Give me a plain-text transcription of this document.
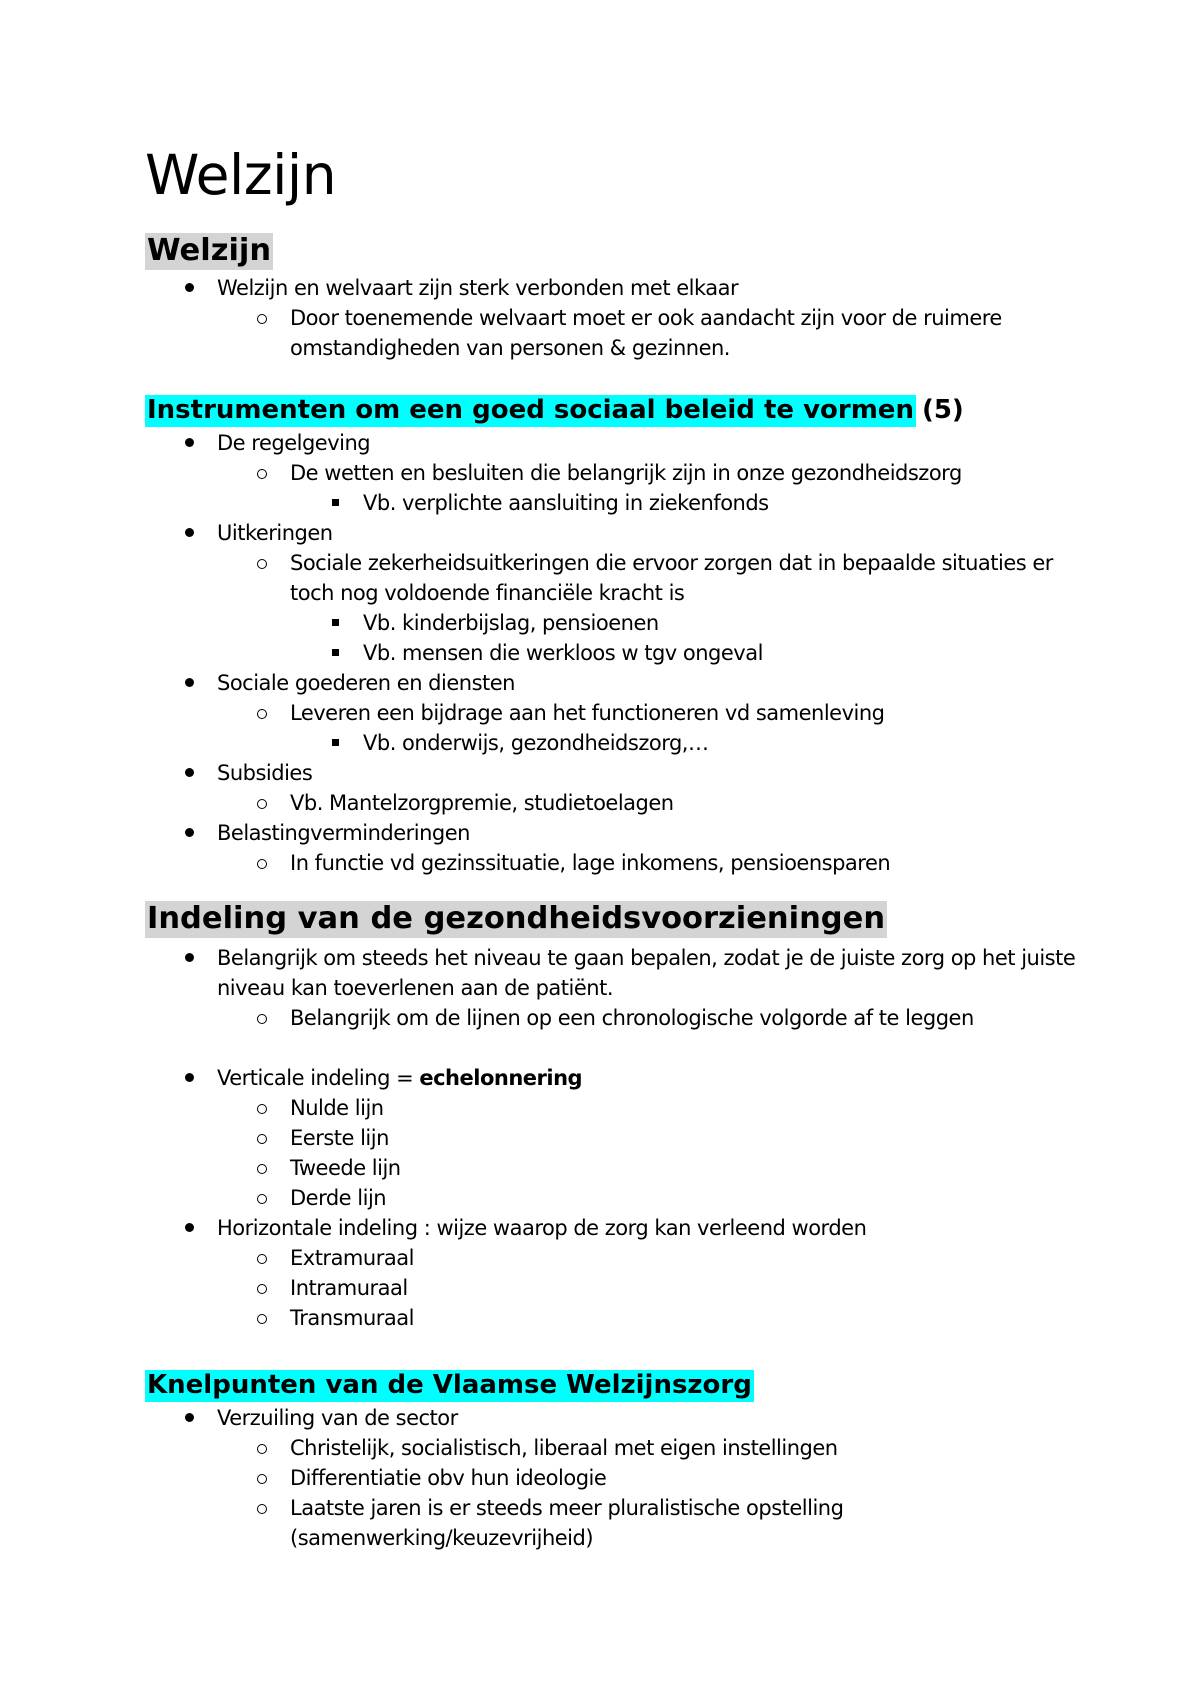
Welzijn
Welzijn

Welzijn en welvaart zijn sterk verbonden met elkaar

Door toenemende welvaart moet er ook aandacht zijn voor de ruimere

omstandigheden van personen & gezinnen.

Instrumenten om een goed sociaal beleid te vormen (5)

De regelgeving

De wetten en besluiten die belangrijk zijn in onze gezondheidszorg

Vb. verplichte aansluiting in ziekenfonds

Uitkeringen

Sociale zekerheidsuitkeringen die ervoor zorgen dat in bepaalde situaties er

toch nog voldoende financiële kracht is

Vb. kinderbijslag, pensioenen

Vb. mensen die werkloos w tgv ongeval

Sociale goederen en diensten

Leveren een bijdrage aan het functioneren vd samenleving

Vb. onderwijs, gezondheidszorg,…

Subsidies

Vb. Mantelzorgpremie, studietoelagen

Belastingverminderingen

In functie vd gezinssituatie, lage inkomens, pensioensparen

Indeling van de gezondheidsvoorzieningen

Belangrijk om steeds het niveau te gaan bepalen, zodat je de juiste zorg op het juiste

niveau kan toeverlenen aan de patiënt.

Belangrijk om de lijnen op een chronologische volgorde af te leggen

Verticale indeling = echelonnering

Nulde lijn

Eerste lijn

Tweede lijn

Derde lijn

Horizontale indeling : wijze waarop de zorg kan verleend worden

Extramuraal

Intramuraal

Transmuraal

Knelpunten van de Vlaamse Welzijnszorg

Verzuiling van de sector

Christelijk, socialistisch, liberaal met eigen instellingen

Differentiatie obv hun ideologie

Laatste jaren is er steeds meer pluralistische opstelling

(samenwerking/keuzevrijheid)
